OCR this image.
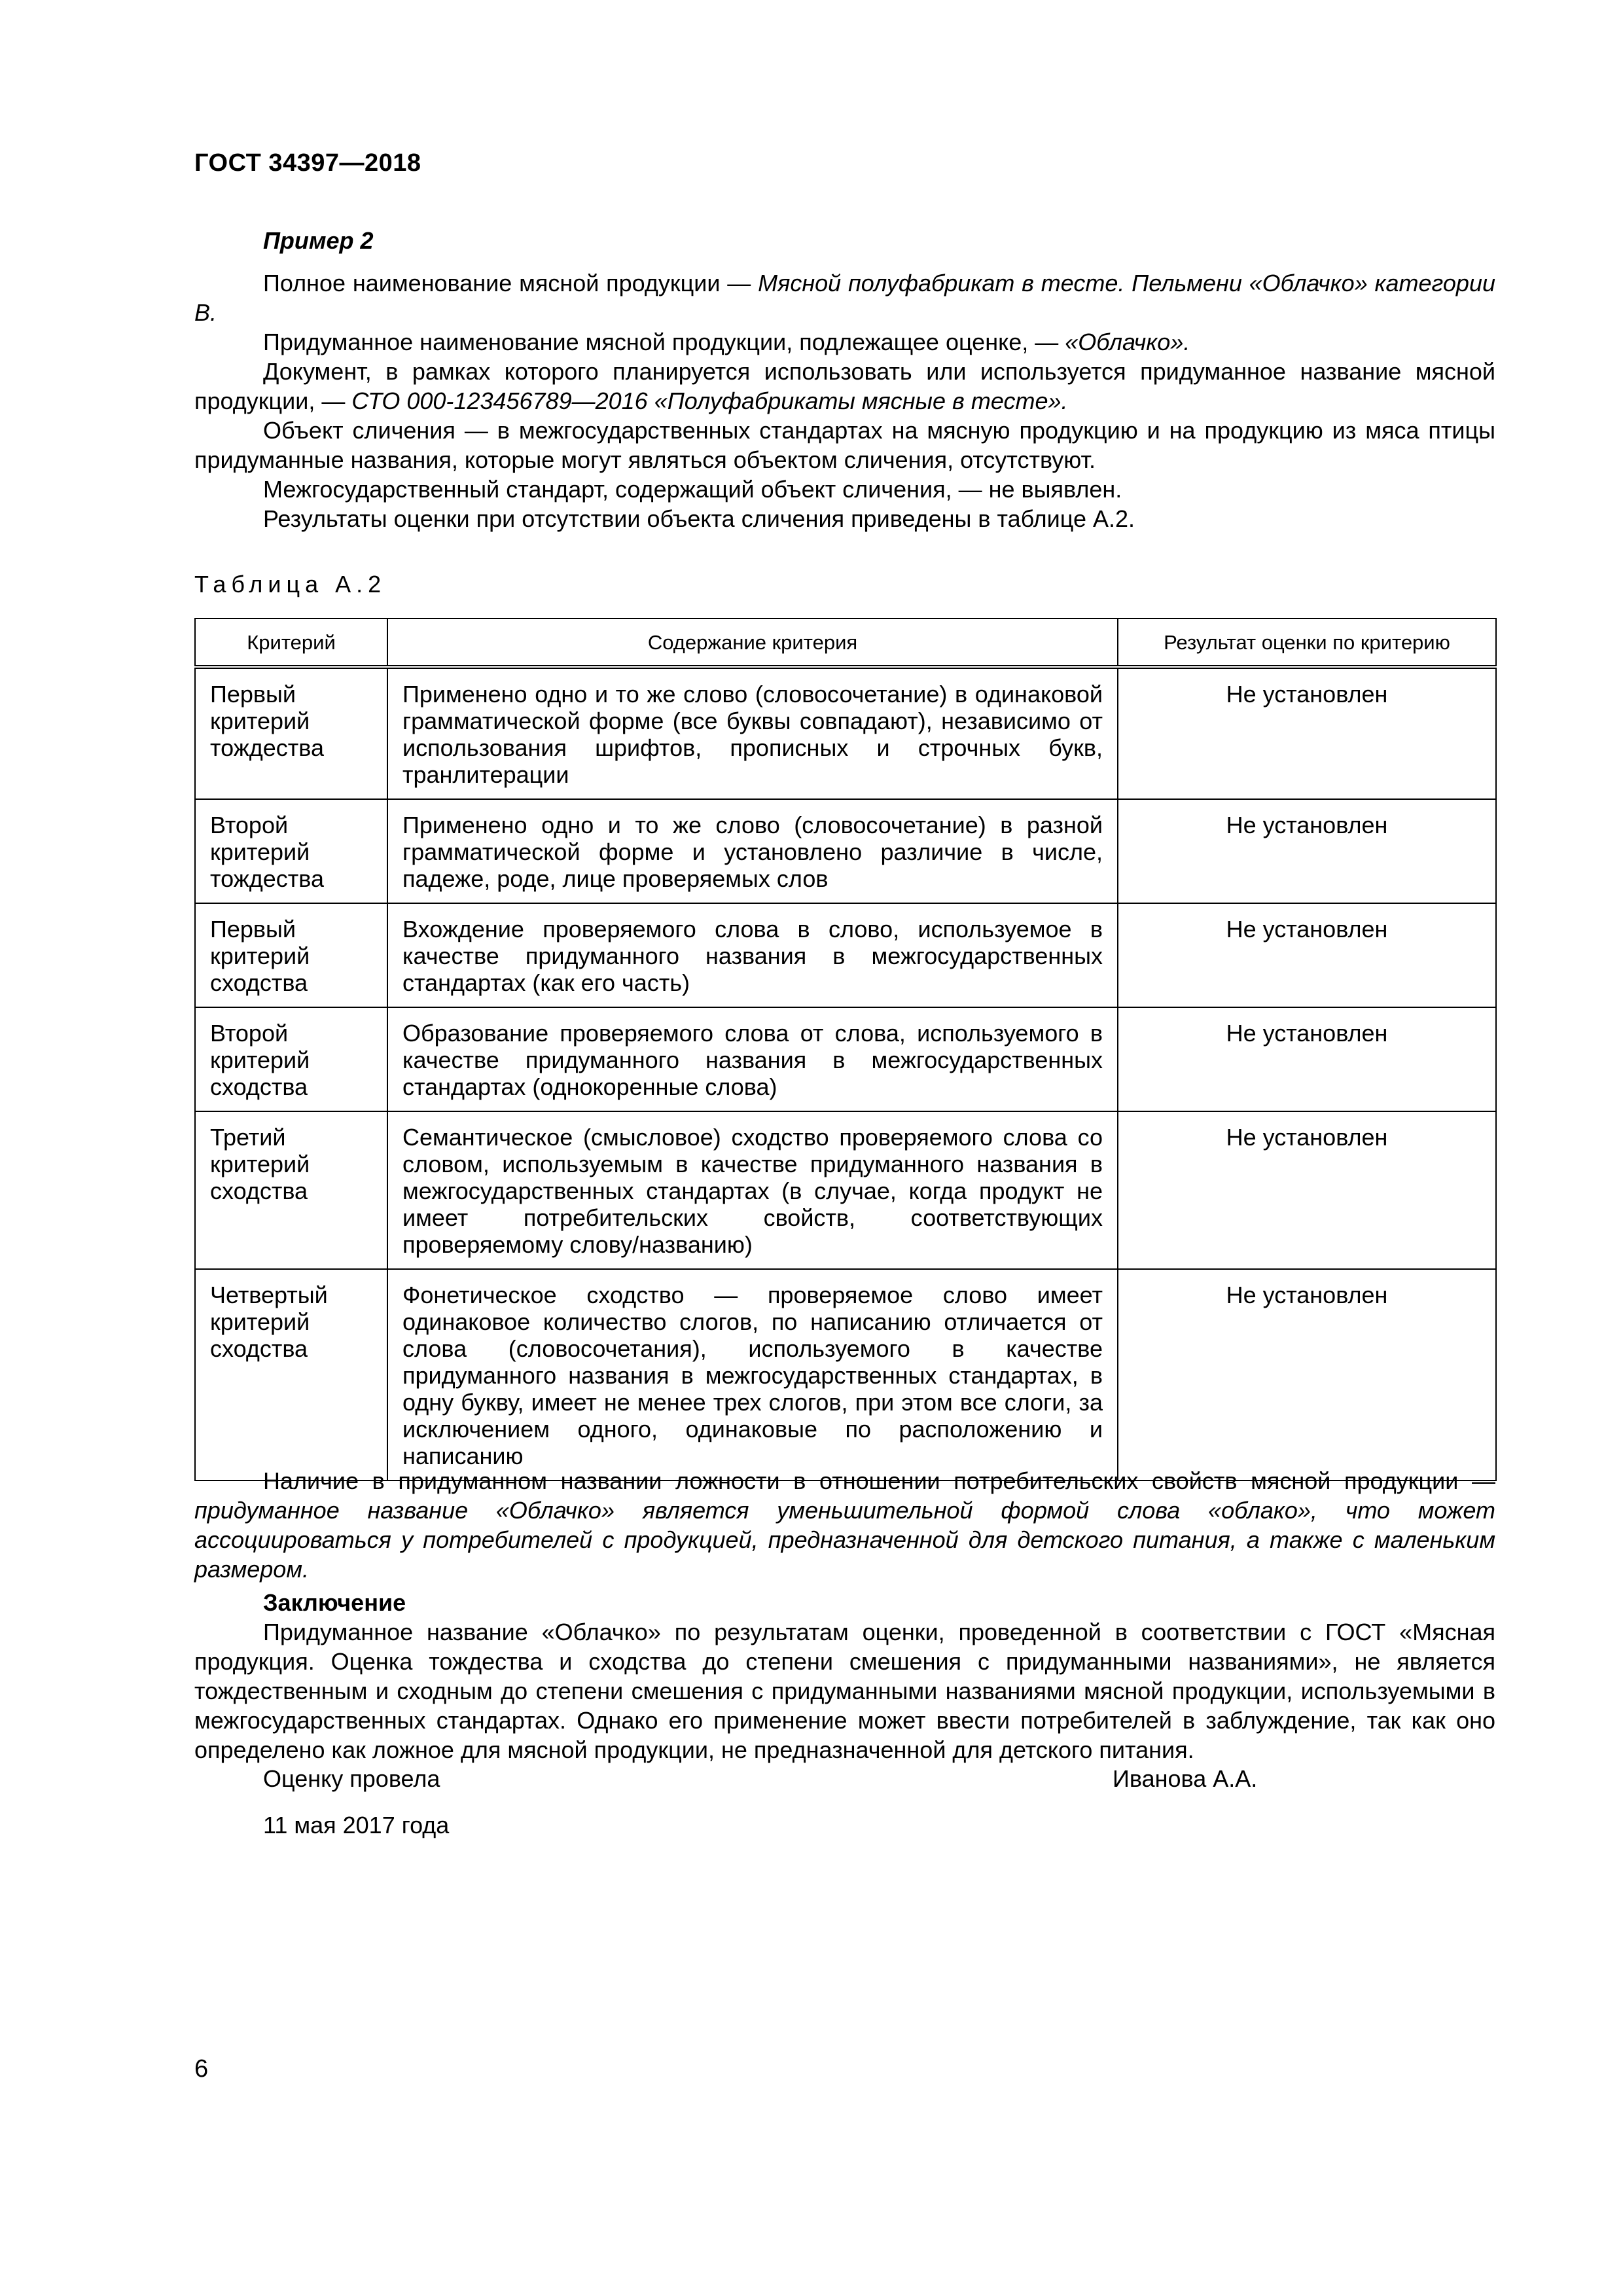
ГОСТ 34397—2018

Пример 2

Полное наименование мясной продукции — Мясной полуфабрикат в тесте. Пельмени «Облачко» категории В.

Придуманное наименование мясной продукции, подлежащее оценке, — «Облачко».

Документ, в рамках которого планируется использовать или используется придуманное название мясной продукции, — СТО 000-123456789—2016 «Полуфабрикаты мясные в тесте».

Объект сличения — в межгосударственных стандартах на мясную продукцию и на продукцию из мяса птицы придуманные названия, которые могут являться объектом сличения, отсутствуют.

Межгосударственный стандарт, содержащий объект сличения, — не выявлен.

Результаты оценки при отсутствии объекта сличения приведены в таблице А.2.

Таблица А.2
Критерий	Содержание критерия	Результат оценки по критерию
Первый критерий тождества	Применено одно и то же слово (словосочетание) в одинаковой грамматической форме (все буквы совпадают), независимо от использования шрифтов, прописных и строчных букв, транлитерации	Не установлен
Второй критерий тождества	Применено одно и то же слово (словосочетание) в разной грамматической форме и установлено различие в числе, падеже, роде, лице проверяемых слов	Не установлен
Первый критерий сходства	Вхождение проверяемого слова в слово, используемое в качестве придуманного названия в межгосударственных стандартах (как его часть)	Не установлен
Второй критерий сходства	Образование проверяемого слова от слова, используемого в качестве придуманного названия в межгосударственных стандартах (однокоренные слова)	Не установлен
Третий критерий сходства	Семантическое (смысловое) сходство проверяемого слова со словом, используемым в качестве придуманного названия в межгосударственных стандартах (в случае, когда продукт не имеет потребительских свойств, соответствующих проверяемому слову/названию)	Не установлен
Четвертый критерий сходства	Фонетическое сходство — проверяемое слово имеет одинаковое количество слогов, по написанию отличается от слова (словосочетания), используемого в качестве придуманного названия в межгосударственных стандартах, в одну букву, имеет не менее трех слогов, при этом все слоги, за исключением одного, одинаковые по расположению и написанию	Не установлен

Наличие в придуманном названии ложности в отношении потребительских свойств мясной продукции — придуманное название «Облачко» является уменьшительной формой слова «облако», что может ассоциироваться у потребителей с продукцией, предназначенной для детского питания, а также с маленьким размером.

Заключение

Придуманное название «Облачко» по результатам оценки, проведенной в соответствии с ГОСТ «Мясная продукция. Оценка тождества и сходства до степени смешения с придуманными названиями», не является тождественным и сходным до степени смешения с придуманными названиями мясной продукции, используемыми в межгосударственных стандартах. Однако его применение может ввести потребителей в заблуждение, так как оно определено как ложное для мясной продукции, не предназначенной для детского питания.

Оценку провела	Иванова А.А.
11 мая 2017 года
6
